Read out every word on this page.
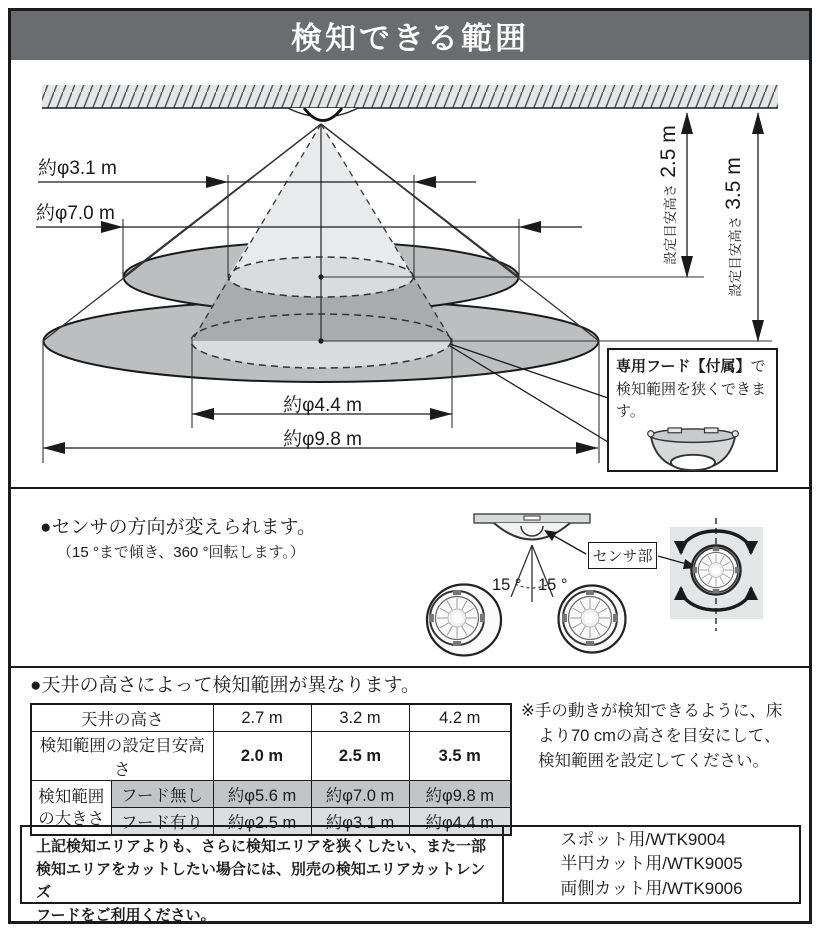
検知できる範囲
約φ3.1 m
約φ7.0 m
約φ4.4 m
約φ9.8 m
設定目安高さ
2.5 m
設定目安高さ
3.5 m
専用フード【付属】で検知範囲を狭くできます。
●センサの方向が変えられます。
（15 °まで傾き、360 °回転します。）
15 ° 15 °
センサ部
●天井の高さによって検知範囲が異なります。
天井の高さ		2.7 m	3.2 m	4.2 m
検知範囲の設定目安高さ		2.0 m	2.5 m	3.5 m

検知範囲
の大きさ	フード無し	約φ5.6 m	約φ7.0 m	約φ9.8 m
	フード有り	約φ2.5 m	約φ3.1 m	約φ4.4 m
※手の動きが検知できるように、床
より70 cmの高さを目安にして、
検知範囲を設定してください。
上記検知エリアよりも、さらに検知エリアを狭くしたい、また一部
検知エリアをカットしたい場合には、別売の検知エリアカットレンズ
フードをご利用ください。
スポット用/WTK9004
半円カット用/WTK9005
両側カット用/WTK9006
